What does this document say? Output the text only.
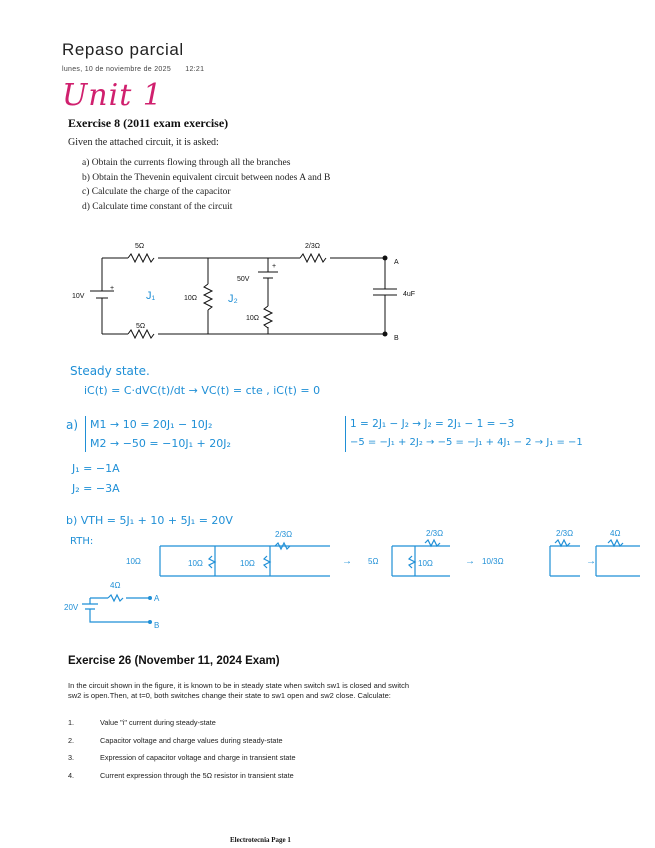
Repaso parcial
lunes, 10 de noviembre de 2025 12:21
Unit 1
Exercise 8 (2011 exam exercise)
Given the attached circuit, it is asked:
a) Obtain the currents flowing through all the branches
b) Obtain the Thevenin equivalent circuit between nodes A and B
c) Calculate the charge of the capacitor
d) Calculate time constant of the circuit
5Ω	2/3Ω
5Ω
10Ω
10Ω
10V
+
50V
+
4uF
A
B
J₁	J₂
Steady state.
iC(t) = C·dVC(t)/dt → VC(t) = cte , iC(t) = 0
a) M1 → 10 = 20J₁ − 10J₂
M2 → −50 = −10J₁ + 20J₂
1 = 2J₁ − J₂ → J₂ = 2J₁ − 1 = −3
−5 = −J₁ + 2J₂ → −5 = −J₁ + 4J₁ − 2 → J₁ = −1
J₁ = −1A
J₂ = −3A
b) VTH = 5J₁ + 10 + 5J₁ = 20V
RTH:
2/3Ω
10Ω	10Ω	10Ω	5Ω	10Ω
2/3Ω
10/3Ω
2/3Ω	4Ω
→	→	→
4Ω
20V
A
B
Exercise 26 (November 11, 2024 Exam)
In the circuit shown in the figure, it is known to be in steady state when switch sw1 is closed and switch sw2 is open.Then, at t=0, both switches change their state to sw1 open and sw2 close. Calculate:
1.	Value "i" current during steady-state
2.	Capacitor voltage and charge values during steady-state
3.	Expression of capacitor voltage and charge in transient state
4.	Current expression through the 5Ω resistor in transient state
Electrotecnia Page 1
